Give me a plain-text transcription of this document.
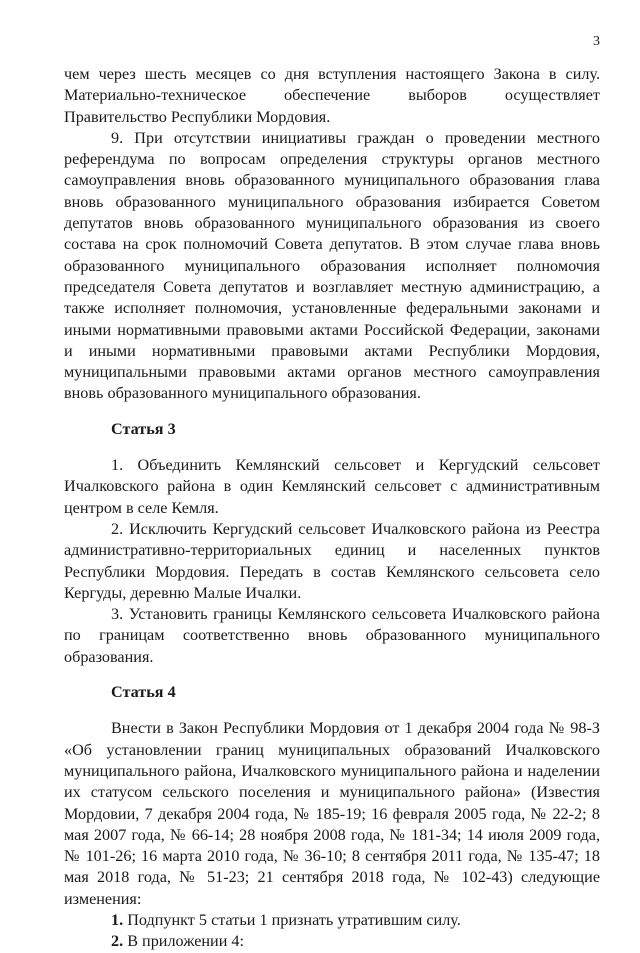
3

чем через шесть месяцев со дня вступления настоящего Закона в силу. Материально-техническое обеспечение выборов осуществляет Правительство Республики Мордовия.

9. При отсутствии инициативы граждан о проведении местного референдума по вопросам определения структуры органов местного самоуправления вновь образованного муниципального образования глава вновь образованного муниципального образования избирается Советом депутатов вновь образованного муниципального образования из своего состава на срок полномочий Совета депутатов. В этом случае глава вновь образованного муниципального образования исполняет полномочия председателя Совета депутатов и возглавляет местную администрацию, а также исполняет полномочия, установленные федеральными законами и иными нормативными правовыми актами Российской Федерации, законами и иными нормативными правовыми актами Республики Мордовия, муниципальными правовыми актами органов местного самоуправления вновь образованного муниципального образования.

Статья 3

1. Объединить Кемлянский сельсовет и Кергудский сельсовет Ичалковского района в один Кемлянский сельсовет с административным центром в селе Кемля.

2. Исключить Кергудский сельсовет Ичалковского района из Реестра административно-территориальных единиц и населенных пунктов Республики Мордовия. Передать в состав Кемлянского сельсовета село Кергуды, деревню Малые Ичалки.

3. Установить границы Кемлянского сельсовета Ичалковского района по границам соответственно вновь образованного муниципального образования.

Статья 4

Внести в Закон Республики Мордовия от 1 декабря 2004 года № 98-З «Об установлении границ муниципальных образований Ичалковского муниципального района, Ичалковского муниципального района и наделении их статусом сельского поселения и муниципального района» (Известия Мордовии, 7 декабря 2004 года, № 185-19; 16 февраля 2005 года, № 22-2; 8 мая 2007 года, № 66-14; 28 ноября 2008 года, № 181-34; 14 июля 2009 года, № 101-26; 16 марта 2010 года, № 36-10; 8 сентября 2011 года, № 135-47; 18 мая 2018 года, № 51-23; 21 сентября 2018 года, № 102-43) следующие изменения:

1. Подпункт 5 статьи 1 признать утратившим силу.

2. В приложении 4:
